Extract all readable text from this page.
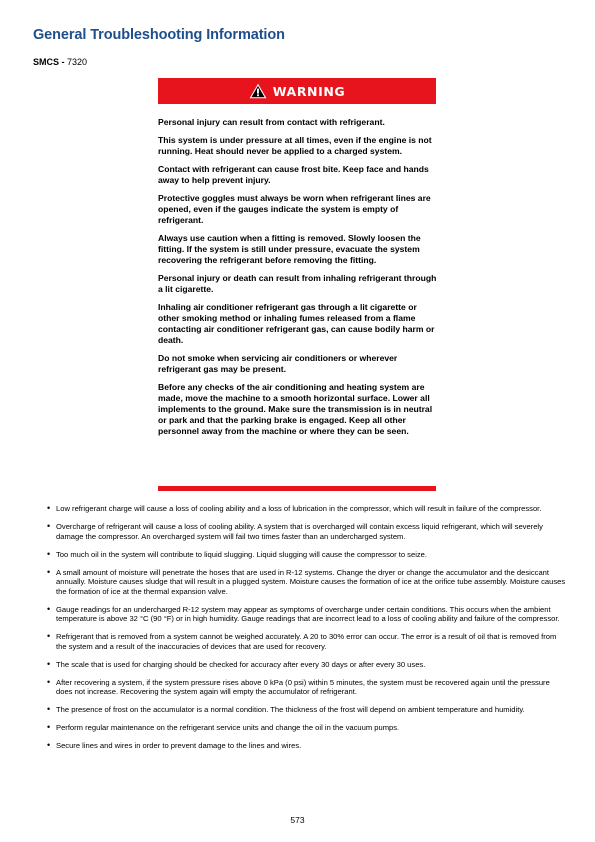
General Troubleshooting Information
SMCS - 7320
WARNING

Personal injury can result from contact with refrigerant.

This system is under pressure at all times, even if the engine is not running. Heat should never be applied to a charged system.

Contact with refrigerant can cause frost bite. Keep face and hands away to help prevent injury.

Protective goggles must always be worn when refrigerant lines are opened, even if the gauges indicate the system is empty of refrigerant.

Always use caution when a fitting is removed. Slowly loosen the fitting. If the system is still under pressure, evacuate the system recovering the refrigerant before removing the fitting.

Personal injury or death can result from inhaling refrigerant through a lit cigarette.

Inhaling air conditioner refrigerant gas through a lit cigarette or other smoking method or inhaling fumes released from a flame contacting air conditioner refrigerant gas, can cause bodily harm or death.

Do not smoke when servicing air conditioners or wherever refrigerant gas may be present.

Before any checks of the air conditioning and heating system are made, move the machine to a smooth horizontal surface. Lower all implements to the ground. Make sure the transmission is in neutral or park and that the parking brake is engaged. Keep all other personnel away from the machine or where they can be seen.

• Low refrigerant charge will cause a loss of cooling ability and a loss of lubrication in the compressor, which will result in failure of the compressor.
• Overcharge of refrigerant will cause a loss of cooling ability. A system that is overcharged will contain excess liquid refrigerant, which will severely damage the compressor. An overcharged system will fail two times faster than an undercharged system.
• Too much oil in the system will contribute to liquid slugging. Liquid slugging will cause the compressor to seize.
• A small amount of moisture will penetrate the hoses that are used in R-12 systems. Change the dryer or change the accumulator and the desiccant annually. Moisture causes sludge that will result in a plugged system. Moisture causes the formation of ice at the orifice tube assembly. Moisture causes the formation of ice at the thermal expansion valve.
• Gauge readings for an undercharged R-12 system may appear as symptoms of overcharge under certain conditions. This occurs when the ambient temperature is above 32 °C (90 °F) or in high humidity. Gauge readings that are incorrect lead to a loss of cooling ability and failure of the compressor.
• Refrigerant that is removed from a system cannot be weighed accurately. A 20 to 30% error can occur. The error is a result of oil that is removed from the system and a result of the inaccuracies of devices that are used for recovery.
• The scale that is used for charging should be checked for accuracy after every 30 days or after every 30 uses.
• After recovering a system, if the system pressure rises above 0 kPa (0 psi) within 5 minutes, the system must be recovered again until the pressure does not increase. Recovering the system again will empty the accumulator of refrigerant.
• The presence of frost on the accumulator is a normal condition. The thickness of the frost will depend on ambient temperature and humidity.
• Perform regular maintenance on the refrigerant service units and change the oil in the vacuum pumps.
• Secure lines and wires in order to prevent damage to the lines and wires.
573
